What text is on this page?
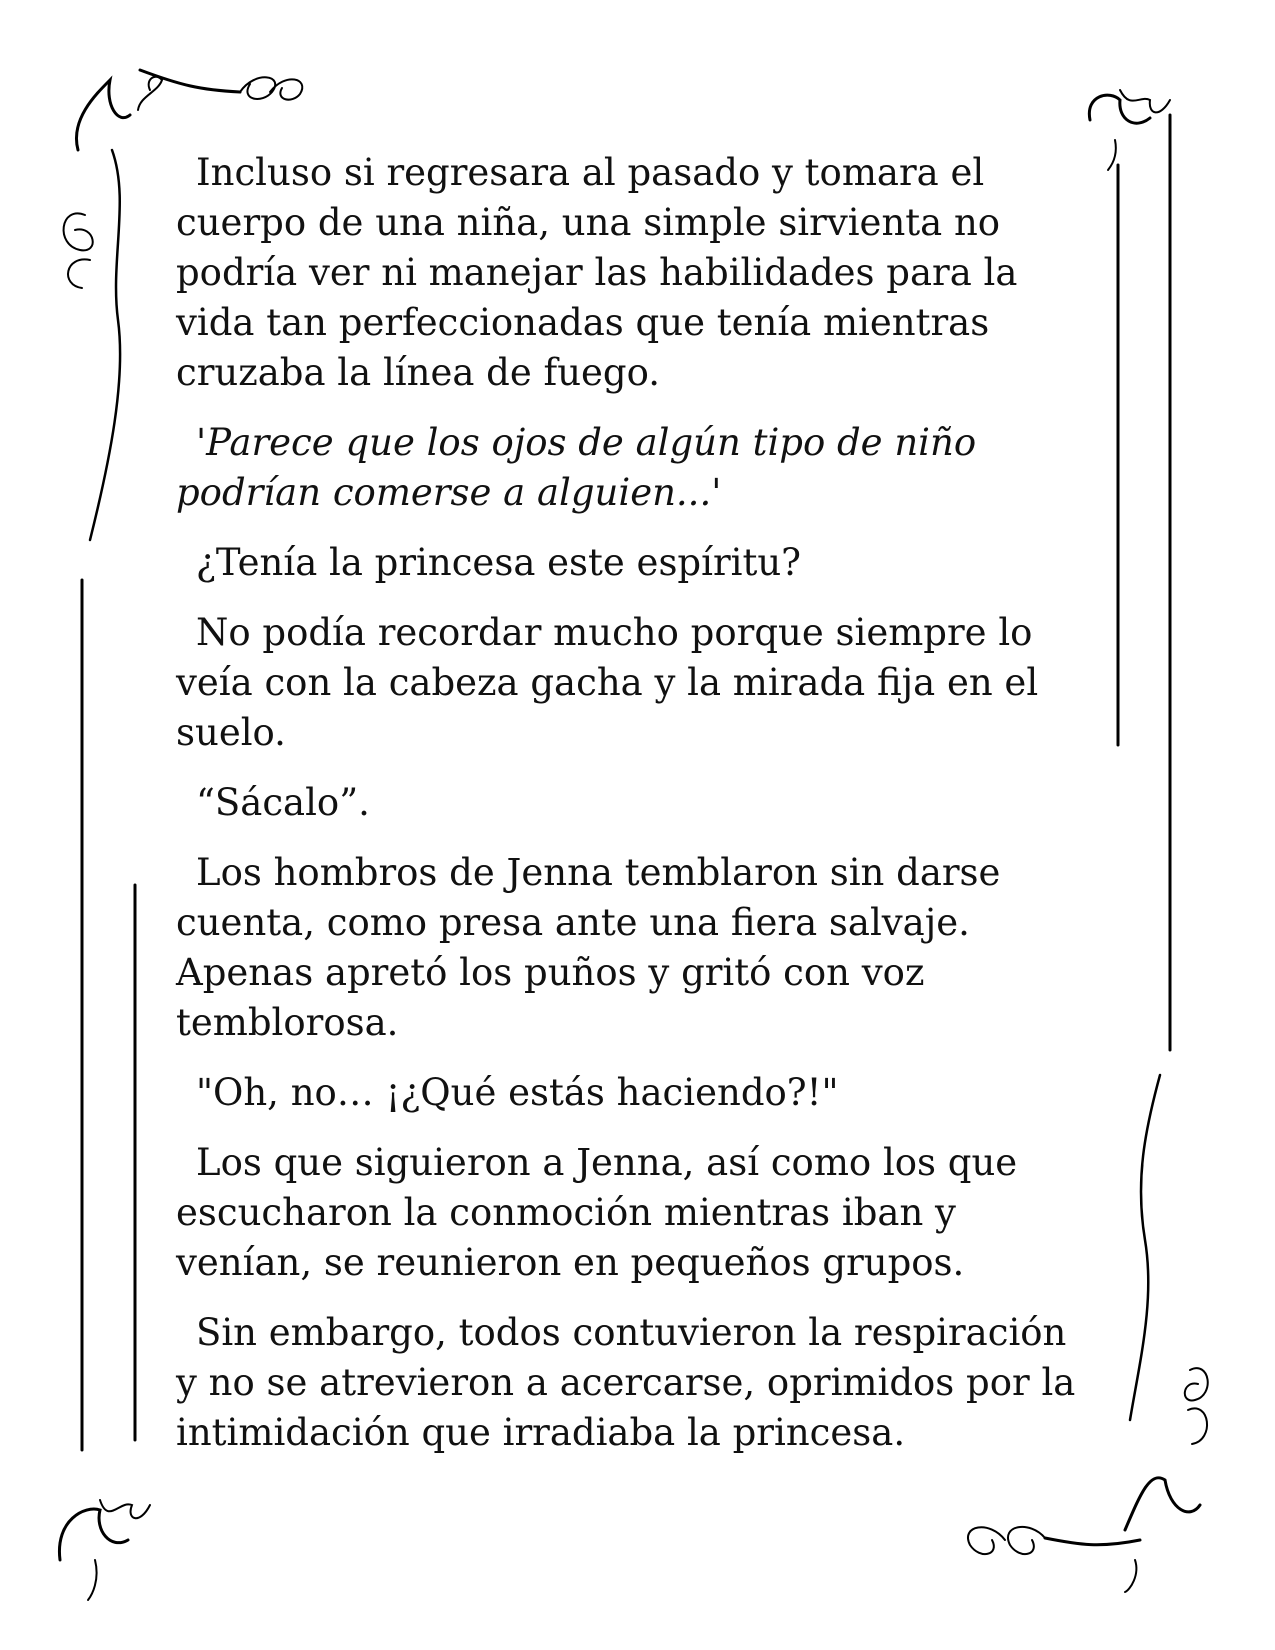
Incluso si regresara al pasado y tomara el cuerpo de una niña, una simple sirvienta no podría ver ni manejar las habilidades para la vida tan perfeccionadas que tenía mientras cruzaba la línea de fuego.

'Parece que los ojos de algún tipo de niño podrían comerse a alguien...'

¿Tenía la princesa este espíritu?

No podía recordar mucho porque siempre lo veía con la cabeza gacha y la mirada fija en el suelo.

“Sácalo”.

Los hombros de Jenna temblaron sin darse cuenta, como presa ante una fiera salvaje. Apenas apretó los puños y gritó con voz temblorosa.

"Oh, no… ¡¿Qué estás haciendo?!"

Los que siguieron a Jenna, así como los que escucharon la conmoción mientras iban y venían, se reunieron en pequeños grupos.

Sin embargo, todos contuvieron la respiración y no se atrevieron a acercarse, oprimidos por la intimidación que irradiaba la princesa.
